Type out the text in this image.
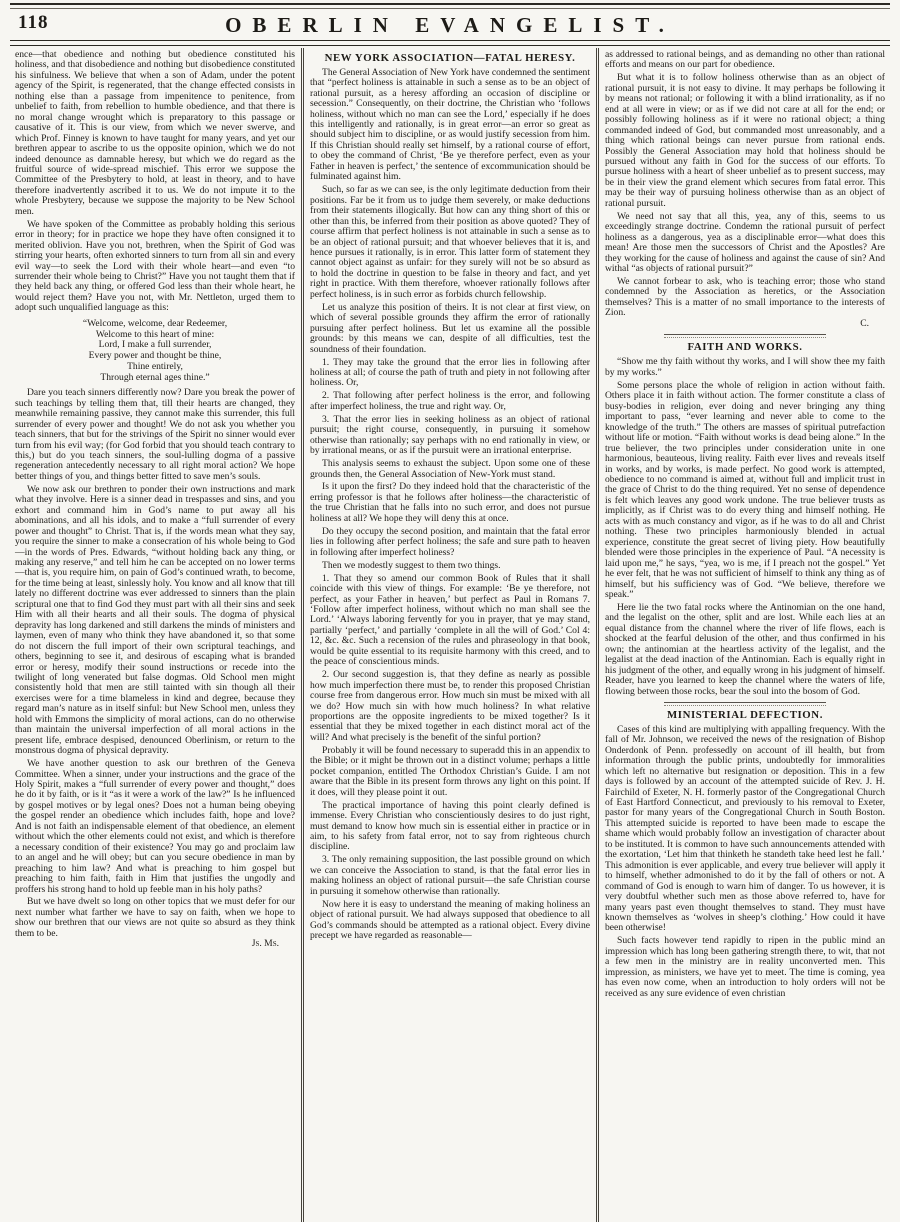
118	OBERLIN EVANGELIST.

ence—that obedience and nothing but obedience constituted his holiness, and that disobedience and nothing but disobedience constituted his sinfulness. We believe that when a son of Adam, under the potent agency of the Spirit, is regenerated, that the change effected consists in nothing else than a passage from impenitence to penitence, from unbelief to faith, from rebellion to humble obedience, and that there is no moral change wrought which is preparatory to this passage or causative of it. This is our view, from which we never swerve, and which Prof. Finney is known to have taught for many years, and yet our brethren appear to ascribe to us the opposite opinion, which we do not indeed denounce as damnable heresy, but which we do regard as the fruitful source of wide-spread mischief. This error we suppose the Committee of the Presbytery to hold, at least in theory, and to have therefore inadvertently ascribed it to us. We do not impute it to the whole Presbytery, because we suppose the majority to be New School men.

We have spoken of the Committee as probably holding this serious error in theory; for in practice we hope they have often consigned it to merited oblivion. Have you not, brethren, when the Spirit of God was stirring your hearts, often exhorted sinners to turn from all sin and every evil way—to seek the Lord with their whole heart—and even “to surrender their whole being to Christ?” Have you not taught them that if they held back any thing, or offered God less than their whole heart, he would reject them? Have you not, with Mr. Nettleton, urged them to adopt such unqualified language as this:

“Welcome, welcome, dear Redeemer,
Welcome to this heart of mine:
Lord, I make a full surrender,
Every power and thought be thine,
Thine entirely,
Through eternal ages thine.”

Dare you teach sinners differently now? Dare you break the power of such teachings by telling them that, till their hearts are changed, they meanwhile remaining passive, they cannot make this surrender, this full surrender of every power and thought! We do not ask you whether you teach sinners, that but for the strivings of the Spirit no sinner would ever turn from his evil way; (for God forbid that you should teach contrary to this,) but do you teach sinners, the soul-lulling dogma of a passive regeneration antecedently necessary to all right moral action? We hope better things of you, and things better fitted to save men’s souls.

We now ask our brethren to ponder their own instructions and mark what they involve. Here is a sinner dead in trespasses and sins, and you exhort and command him in God’s name to put away all his abominations, and all his idols, and to make a “full surrender of every power and thought” to Christ. That is, if the words mean what they say, you require the sinner to make a consecration of his whole being to God—in the words of Pres. Edwards, “without holding back any thing, or making any reserve,” and tell him he can be accepted on no lower terms—that is, you require him, on pain of God’s continued wrath, to become, for the time being at least, sinlessly holy. You know and all know that till lately no different doctrine was ever addressed to sinners than the plain scriptural one that to find God they must part with all their sins and seek Him with all their hearts and all their souls. The dogma of physical depravity has long darkened and still darkens the minds of ministers and laymen, even of many who think they have abandoned it, so that some do not discern the full import of their own scriptural teachings, and others, beginning to see it, and desirous of escaping what is branded error or heresy, modify their sound instructions or recede into the twilight of long venerated but false dogmas. Old School men might consistently hold that men are still tainted with sin though all their exercises were for a time blameless in kind and degree, because they regard man’s nature as in itself sinful: but New School men, unless they hold with Emmons the simplicity of moral actions, can do no otherwise than maintain the universal imperfection of all moral actions in the present life, embrace despised, denounced Oberlinism, or return to the monstrous dogma of physical depravity.

We have another question to ask our brethren of the Geneva Committee. When a sinner, under your instructions and the grace of the Holy Spirit, makes a “full surrender of every power and thought,” does he do it by faith, or is it “as it were a work of the law?” Is he influenced by gospel motives or by legal ones? Does not a human being obeying the gospel render an obedience which includes faith, hope and love? And is not faith an indispensable element of that obedience, an element without which the other elements could not exist, and which is therefore a necessary condition of their existence? You may go and proclaim law to an angel and he will obey; but can you secure obedience in man by preaching to him law? And what is preaching to him gospel but preaching to him faith, faith in Him that justifies the ungodly and proffers his strong hand to hold up feeble man in his holy paths?

But we have dwelt so long on other topics that we must defer for our next number what farther we have to say on faith, when we hope to show our brethren that our views are not quite so absurd as they think them to be.
Js. Ms.

NEW YORK ASSOCIATION—FATAL HERESY.

The General Association of New York have condemned the sentiment that “perfect holiness is attainable in such a sense as to be an object of rational pursuit, as a heresy affording an occasion of discipline or secession.” Consequently, on their doctrine, the Christian who ‘follows holiness, without which no man can see the Lord,’ especially if he does this intelligently and rationally, is in great error—an error so great as should subject him to discipline, or as would justify secession from him. If this Christian should really set himself, by a rational course of effort, to obey the command of Christ, ‘Be ye therefore perfect, even as your Father in heaven is perfect,’ the sentence of excommunication should be fulminated against him.

Such, so far as we can see, is the only legitimate deduction from their positions. Far be it from us to judge them severely, or make deductions from their statements illogically. But how can any thing short of this or other than this, be inferred from their position as above quoted? They of course affirm that perfect holiness is not attainable in such a sense as to be an object of rational pursuit; and that whoever believes that it is, and hence pursues it rationally, is in error. This latter form of statement they cannot object against as unfair: for they surely will not be so absurd as to hold the doctrine in question to be false in theory and fact, and yet right in practice. With them therefore, whoever rationally follows after perfect holiness, is in such error as forbids church fellowship.

Let us analyze this position of theirs. It is not clear at first view, on which of several possible grounds they affirm the error of rationally pursuing after perfect holiness. But let us examine all the possible grounds: by this means we can, despite of all difficulties, test the soundness of their foundation.

1. They may take the ground that the error lies in following after holiness at all; of course the path of truth and piety in not following after holiness. Or,

2. That following after perfect holiness is the error, and following after imperfect holiness, the true and right way. Or,

3. That the error lies in seeking holiness as an object of rational pursuit; the right course, consequently, in pursuing it somehow otherwise than rationally; say perhaps with no end rationally in view, or by irrational means, or as if the pursuit were an irrational enterprise.

This analysis seems to exhaust the subject. Upon some one of these grounds then, the General Association of New-York must stand.

Is it upon the first? Do they indeed hold that the characteristic of the erring professor is that he follows after holiness—the characteristic of the true Christian that he falls into no such error, and does not pursue holiness at all? We hope they will deny this at once.

Do they occupy the second position, and maintain that the fatal error lies in following after perfect holiness; the safe and sure path to heaven in following after imperfect holiness?

Then we modestly suggest to them two things.

1. That they so amend our common Book of Rules that it shall coincide with this view of things. For example: ‘Be ye therefore, not perfect, as your Father in heaven,’ but perfect as Paul in Romans 7. ‘Follow after imperfect holiness, without which no man shall see the Lord.’ ‘Always laboring fervently for you in prayer, that ye may stand, partially ‘perfect,’ and partially ‘complete in all the will of God.’ Col 4: 12, &c. &c. Such a recension of the rules and phraseology in that book, would be quite essential to its requisite harmony with this creed, and to the peace of conscientious minds.

2. Our second suggestion is, that they define as nearly as possible how much imperfection there must be, to render this proposed Christian course free from dangerous error. How much sin must be mixed with all we do? How much sin with how much holiness? In what relative proportions are the opposite ingredients to be mixed together? Is it essential that they be mixed together in each distinct moral act of the will? And what precisely is the benefit of the sinful portion?

Probably it will be found necessary to superadd this in an appendix to the Bible; or it might be thrown out in a distinct volume; perhaps a little pocket companion, entitled The Orthodox Christian’s Guide. I am not aware that the Bible in its present form throws any light on this point. If it does, will they please point it out.

The practical importance of having this point clearly defined is immense. Every Christian who conscientiously desires to do just right, must demand to know how much sin is essential either in practice or in aim, to his safety from fatal error, not to say from righteous church discipline.

3. The only remaining supposition, the last possible ground on which we can conceive the Association to stand, is that the fatal error lies in making holiness an object of rational pursuit—the safe Christian course in pursuing it somehow otherwise than rationally.

Now here it is easy to understand the meaning of making holiness an object of rational pursuit. We had always supposed that obedience to all God’s commands should be attempted as a rational object. Every divine precept we have regarded as reasonable—

as addressed to rational beings, and as demanding no other than rational efforts and means on our part for obedience.

But what it is to follow holiness otherwise than as an object of rational pursuit, it is not easy to divine. It may perhaps be following it by means not rational; or following it with a blind irrationality, as if no end at all were in view; or as if we did not care at all for the end; or possibly following holiness as if it were no rational object; a thing commanded indeed of God, but commanded most unreasonably, and a thing which rational beings can never pursue from rational ends. Possibly the General Association may hold that holiness should be pursued without any faith in God for the success of our efforts. To pursue holiness with a heart of sheer unbelief as to present success, may be in their view the grand element which secures from fatal error. This may be their way of pursuing holiness otherwise than as an object of rational pursuit.

We need not say that all this, yea, any of this, seems to us exceedingly strange doctrine. Condemn the rational pursuit of perfect holiness as a dangerous, yea as a disciplinable error—what does this mean! Are those men the successors of Christ and the Apostles? Are they working for the cause of holiness and against the cause of sin? And withal “as objects of rational pursuit?”

We cannot forbear to ask, who is teaching error; those who stand condemned by the Association as heretics, or the Association themselves? This is a matter of no small importance to the interests of Zion.
C.

FAITH AND WORKS.

“Show me thy faith without thy works, and I will show thee my faith by my works.”

Some persons place the whole of religion in action without faith. Others place it in faith without action. The former constitute a class of busy-bodies in religion, ever doing and never bringing any thing important to pass, “ever learning and never able to come to the knowledge of the truth.” The others are masses of spiritual putrefaction without life or motion. “Faith without works is dead being alone.” In the true believer, the two principles under consideration unite in one harmonious, beauteous, living reality. Faith ever lives and reveals itself in works, and by works, is made perfect. No good work is attempted, obedience to no command is aimed at, without full and implicit trust in the grace of Christ to do the thing required. Yet no sense of dependence is felt which leaves any good work undone. The true believer trusts as implicitly, as if Christ was to do every thing and himself nothing. He acts with as much constancy and vigor, as if he was to do all and Christ nothing. These two principles harmoniously blended in actual experience, constitute the great secret of living piety. How beautifully blended were those principles in the experience of Paul. “A necessity is laid upon me,” he says, “yea, wo is me, if I preach not the gospel.” Yet he ever felt, that he was not sufficient of himself to think any thing as of himself, but his sufficiency was of God. “We believe, therefore we speak.”

Here lie the two fatal rocks where the Antinomian on the one hand, and the legalist on the other, split and are lost. While each lies at an equal distance from the channel where the river of life flows, each is shocked at the fearful delusion of the other, and thus confirmed in his own; the antinomian at the heartless activity of the legalist, and the legalist at the dead inaction of the Antinomian. Each is equally right in his judgment of the other, and equally wrong in his judgment of himself. Reader, have you learned to keep the channel where the waters of life, flowing between those rocks, bear the soul into the bosom of God.

MINISTERIAL DEFECTION.

Cases of this kind are multiplying with appalling frequency. With the fall of Mr. Johnson, we received the news of the resignation of Bishop Onderdonk of Penn. professedly on account of ill health, but from information through the public prints, undoubtedly for immoralities which left no alternative but resignation or deposition. This in a few days is followed by an account of the attempted suicide of Rev. J. H. Fairchild of Exeter, N. H. formerly pastor of the Congregational Church of East Hartford Connecticut, and previously to his removal to Exeter, pastor for many years of the Congregational Church in South Boston. This attempted suicide is reported to have been made to escape the shame which would probably follow an investigation of character about to be instituted. It is common to have such announcements attended with the exortation, ‘Let him that thinketh he standeth take heed lest he fall.’ This admonition is ever applicable, and every true believer will apply it to himself, whether admonished to do it by the fall of others or not. A command of God is enough to warn him of danger. To us however, it is very doubtful whether such men as those above referred to, have for many years past even thought themselves to stand. They must have known themselves as ‘wolves in sheep’s clothing.’ How could it have been otherwise!

Such facts however tend rapidly to ripen in the public mind an impression which has long been gathering strength there, to wit, that not a few men in the ministry are in reality unconverted men. This impression, as ministers, we have yet to meet. The time is coming, yea has even now come, when an introduction to holy orders will not be received as any sure evidence of even christian
